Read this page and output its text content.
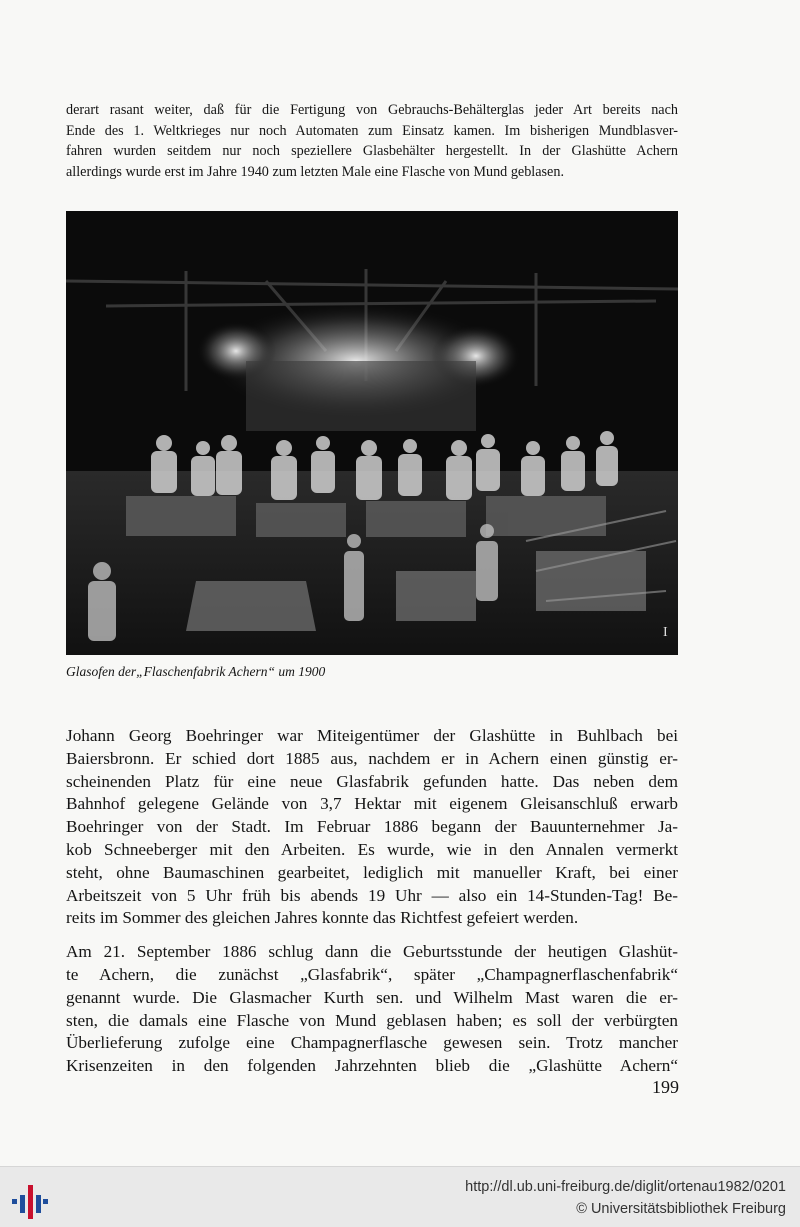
derart rasant weiter, daß für die Fertigung von Gebrauchs-Behälterglas jeder Art bereits nach
Ende des 1. Weltkrieges nur noch Automaten zum Einsatz kamen. Im bisherigen Mundblasver-
fahren wurden seitdem nur noch speziellere Glasbehälter hergestellt. In der Glashütte Achern
allerdings wurde erst im Jahre 1940 zum letzten Male eine Flasche von Mund geblasen.

I
Glasofen der„Flaschenfabrik Achern“ um 1900

Johann Georg Boehringer war Miteigentümer der Glashütte in Buhlbach bei
Baiersbronn. Er schied dort 1885 aus, nachdem er in Achern einen günstig er-
scheinenden Platz für eine neue Glasfabrik gefunden hatte. Das neben dem
Bahnhof gelegene Gelände von 3,7 Hektar mit eigenem Gleisanschluß erwarb
Boehringer von der Stadt. Im Februar 1886 begann der Bauunternehmer Ja-
kob Schneeberger mit den Arbeiten. Es wurde, wie in den Annalen vermerkt
steht, ohne Baumaschinen gearbeitet, lediglich mit manueller Kraft, bei einer
Arbeitszeit von 5 Uhr früh bis abends 19 Uhr — also ein 14-Stunden-Tag! Be-
reits im Sommer des gleichen Jahres konnte das Richtfest gefeiert werden.

Am 21. September 1886 schlug dann die Geburtsstunde der heutigen Glashüt-
te Achern, die zunächst „Glasfabrik“, später „Champagnerflaschenfabrik“
genannt wurde. Die Glasmacher Kurth sen. und Wilhelm Mast waren die er-
sten, die damals eine Flasche von Mund geblasen haben; es soll der verbürgten
Überlieferung zufolge eine Champagnerflasche gewesen sein. Trotz mancher
Krisenzeiten in den folgenden Jahrzehnten blieb die „Glashütte Achern“

199
http://dl.ub.uni-freiburg.de/diglit/ortenau1982/0201
© Universitätsbibliothek Freiburg
